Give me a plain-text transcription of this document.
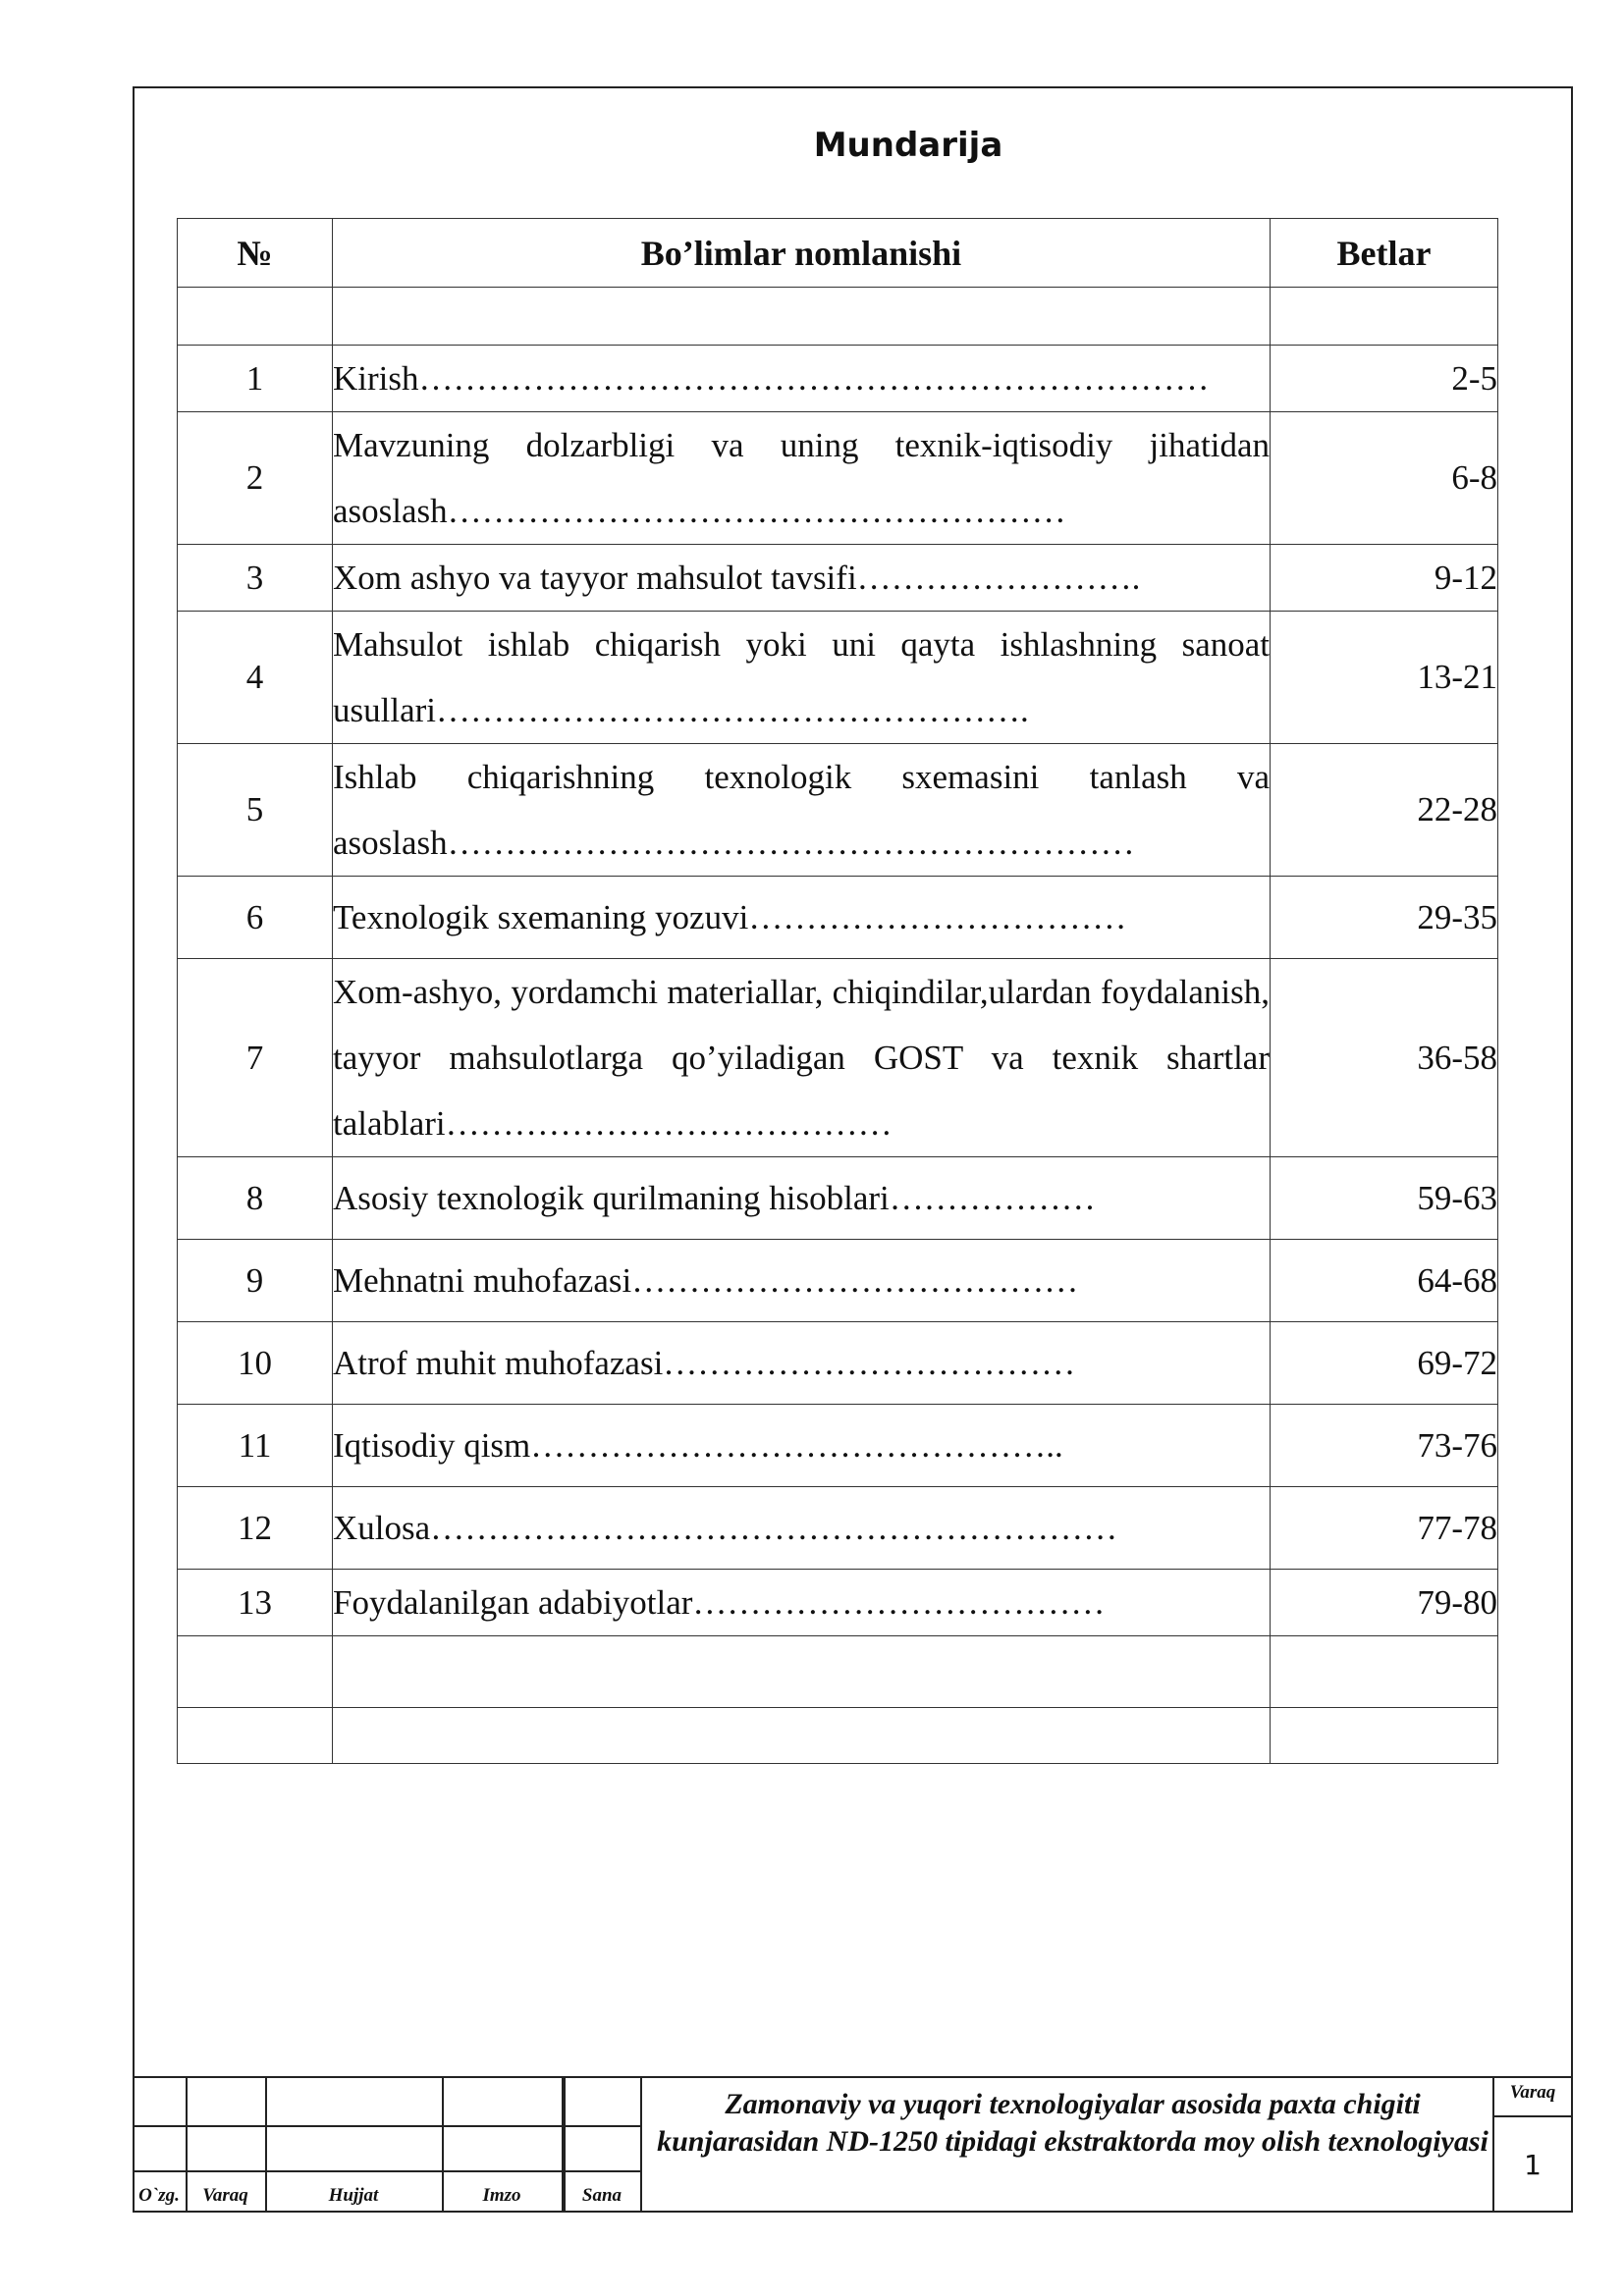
Mundarija
№	Bo’limlar nomlanishi	Betlar

1	Kirish……………………………………………………………	2-5
2	Mavzuning dolzarbligi va uning texnik-iqtisodiy jihatidan asoslash………………………………………………	6-8
3	Xom ashyo va tayyor mahsulot tavsifi…………………….	9-12
4	Mahsulot ishlab chiqarish yoki uni qayta ishlashning sanoat usullari…………………………………………….	13-21
5	Ishlab chiqarishning texnologik sxemasini tanlash va asoslash……………………………………………………	22-28
6	Texnologik sxemaning yozuvi……………………………	29-35
7	Xom-ashyo, yordamchi materiallar, chiqindilar,ulardan foydalanish, tayyor mahsulotlarga qo’yiladigan GOST va texnik shartlar talablari…………………………………	36-58
8	Asosiy texnologik qurilmaning hisoblari………………	59-63
9	Mehnatni muhofazasi…………………………………	64-68
10	Atrof muhit muhofazasi………………………………	69-72
11	Iqtisodiy qism………………………………………..	73-76
12	Xulosa……………………………………………………	77-78
13	Foydalanilgan adabiyotlar………………………………	79-80

O`zg.	Varaq	Hujjat	Imzo	Sana
Zamonaviy va yuqori texnologiyalar asosida paxta chigiti kunjarasidan ND-1250 tipidagi ekstraktorda moy olish texnologiyasi
Varaq
1
